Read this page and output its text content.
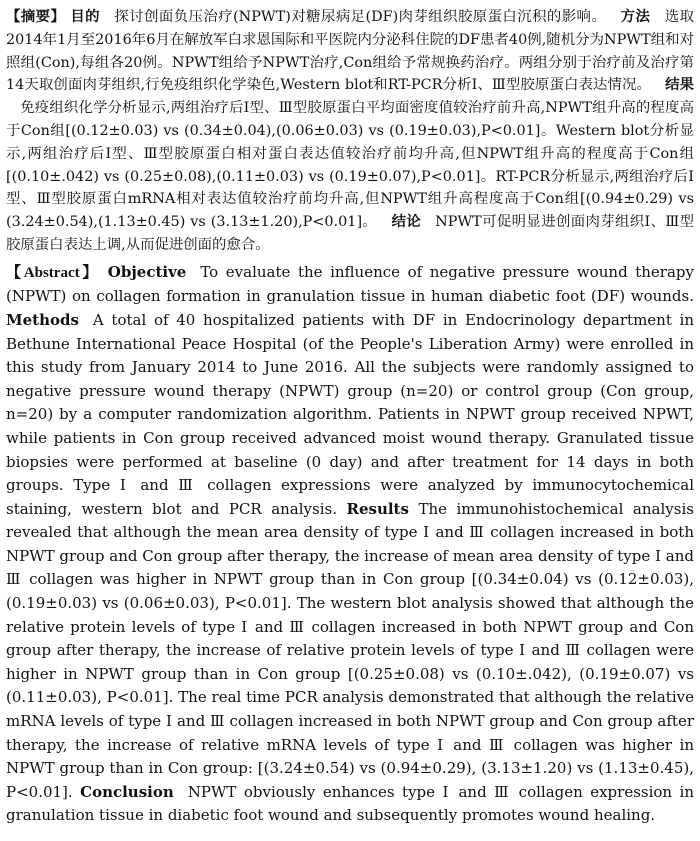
【摘要】 目的 探讨创面负压治疗(NPWT)对糖尿病足(DF)肉芽组织胶原蛋白沉积的影响。 方法 选取2014年1月至2016年6月在解放军白求恩国际和平医院内分泌科住院的DF患者40例,随机分为NPWT组和对照组(Con),每组各20例。NPWT组给予NPWT治疗,Con组给予常规换药治疗。两组分别于治疗前及治疗第14天取创面肉芽组织,行免疫组织化学染色,Western blot和RT-PCR分析Ⅰ、Ⅲ型胶原蛋白表达情况。 结果免疫组织化学分析显示,两组治疗后Ⅰ型、Ⅲ型胶原蛋白平均面密度值较治疗前升高,NPWT组升高的程度高于Con组[(0.12±0.03) vs (0.34±0.04),(0.06±0.03) vs (0.19±0.03),P<0.01]。Western blot分析显示,两组治疗后Ⅰ型、Ⅲ型胶原蛋白相对蛋白表达值较治疗前均升高,但NPWT组升高的程度高于Con组[(0.10±.042) vs (0.25±0.08),(0.11±0.03) vs (0.19±0.07),P<0.01]。RT-PCR分析显示,两组治疗后Ⅰ型、Ⅲ型胶原蛋白mRNA相对表达值较治疗前均升高,但NPWT组升高程度高于Con组[(0.94±0.29) vs (3.24±0.54),(1.13±0.45) vs (3.13±1.20),P<0.01]。 结论 NPWT可促明显进创面肉芽组织Ⅰ、Ⅲ型胶原蛋白表达上调,从而促进创面的愈合。

【Abstract】 Objective To evaluate the influence of negative pressure wound therapy (NPWT) on collagen formation in granulation tissue in human diabetic foot (DF) wounds. Methods A total of 40 hospitalized patients with DF in Endocrinology department in Bethune International Peace Hospital (of the People's Liberation Army) were enrolled in this study from January 2014 to June 2016. All the subjects were randomly assigned to negative pressure wound therapy (NPWT) group (n=20) or control group (Con group, n=20) by a computer randomization algorithm. Patients in NPWT group received NPWT, while patients in Con group received advanced moist wound therapy. Granulated tissue biopsies were performed at baseline (0 day) and after treatment for 14 days in both groups. Type Ⅰ and Ⅲ collagen expressions were analyzed by immunocytochemical staining, western blot and PCR analysis. Results The immunohistochemical analysis revealed that although the mean area density of type Ⅰ and Ⅲ collagen increased in both NPWT group and Con group after therapy, the increase of mean area density of type Ⅰ and Ⅲ collagen was higher in NPWT group than in Con group [(0.34±0.04) vs (0.12±0.03), (0.19±0.03) vs (0.06±0.03), P<0.01]. The western blot analysis showed that although the relative protein levels of type Ⅰ and Ⅲ collagen increased in both NPWT group and Con group after therapy, the increase of relative protein levels of type Ⅰ and Ⅲ collagen were higher in NPWT group than in Con group [(0.25±0.08) vs (0.10±.042), (0.19±0.07) vs (0.11±0.03), P<0.01]. The real time PCR analysis demonstrated that although the relative mRNA levels of type Ⅰ and Ⅲ collagen increased in both NPWT group and Con group after therapy, the increase of relative mRNA levels of type Ⅰ and Ⅲ collagen was higher in NPWT group than in Con group: [(3.24±0.54) vs (0.94±0.29), (3.13±1.20) vs (1.13±0.45), P<0.01]. Conclusion NPWT obviously enhances type Ⅰ and Ⅲ collagen expression in granulation tissue in diabetic foot wound and subsequently promotes wound healing.
